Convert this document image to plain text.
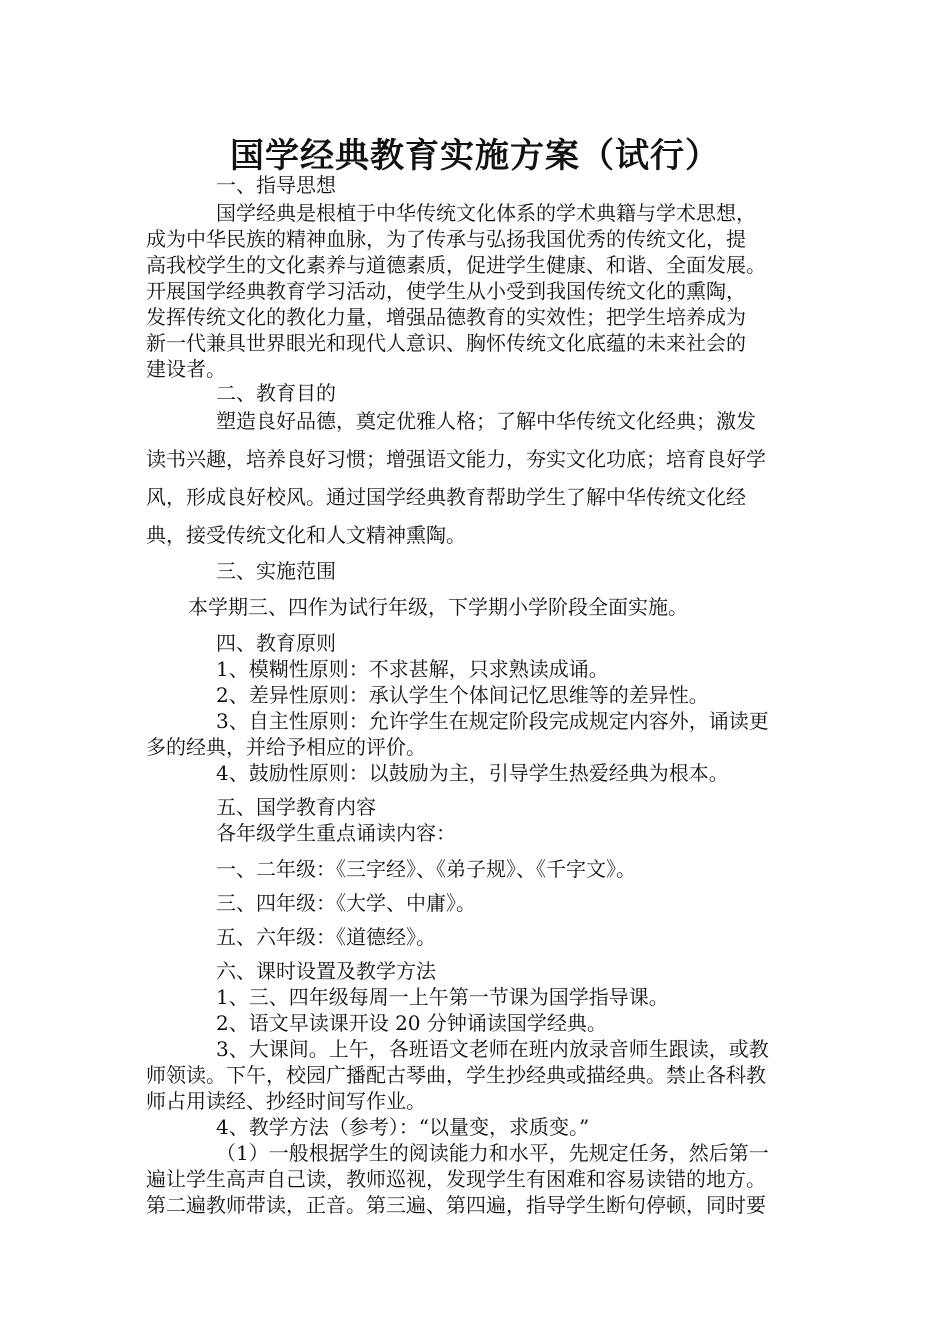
国学经典教育实施方案（试行）
一、指导思想
国学经典是根植于中华传统文化体系的学术典籍与学术思想，
成为中华民族的精神血脉，为了传承与弘扬我国优秀的传统文化，提
高我校学生的文化素养与道德素质，促进学生健康、和谐、全面发展。
开展国学经典教育学习活动，使学生从小受到我国传统文化的熏陶，
发挥传统文化的教化力量，增强品德教育的实效性；把学生培养成为
新一代兼具世界眼光和现代人意识、胸怀传统文化底蕴的未来社会的
建设者。
二、教育目的
塑造良好品德，奠定优雅人格；了解中华传统文化经典；激发
读书兴趣，培养良好习惯；增强语文能力，夯实文化功底；培育良好学
风，形成良好校风。通过国学经典教育帮助学生了解中华传统文化经
典，接受传统文化和人文精神熏陶。
三、实施范围
本学期三、四作为试行年级，下学期小学阶段全面实施。
四、教育原则
1、模糊性原则：不求甚解，只求熟读成诵。
2、差异性原则：承认学生个体间记忆思维等的差异性。
3、自主性原则：允许学生在规定阶段完成规定内容外，诵读更
多的经典，并给予相应的评价。
4、鼓励性原则：以鼓励为主，引导学生热爱经典为根本。
五、国学教育内容
各年级学生重点诵读内容：
一、二年级：《三字经》、《弟子规》、《千字文》。
三、四年级：《大学、中庸》。
五、六年级：《道德经》。
六、课时设置及教学方法
1、三、四年级每周一上午第一节课为国学指导课。
2、语文早读课开设 20 分钟诵读国学经典。
3、大课间。上午，各班语文老师在班内放录音师生跟读，或教
师领读。下午，校园广播配古琴曲，学生抄经典或描经典。禁止各科教
师占用读经、抄经时间写作业。
4、教学方法（参考）：“以量变，求质变。”
（1）一般根据学生的阅读能力和水平，先规定任务，然后第一
遍让学生高声自己读，教师巡视，发现学生有困难和容易读错的地方。
第二遍教师带读，正音。第三遍、第四遍，指导学生断句停顿，同时要
